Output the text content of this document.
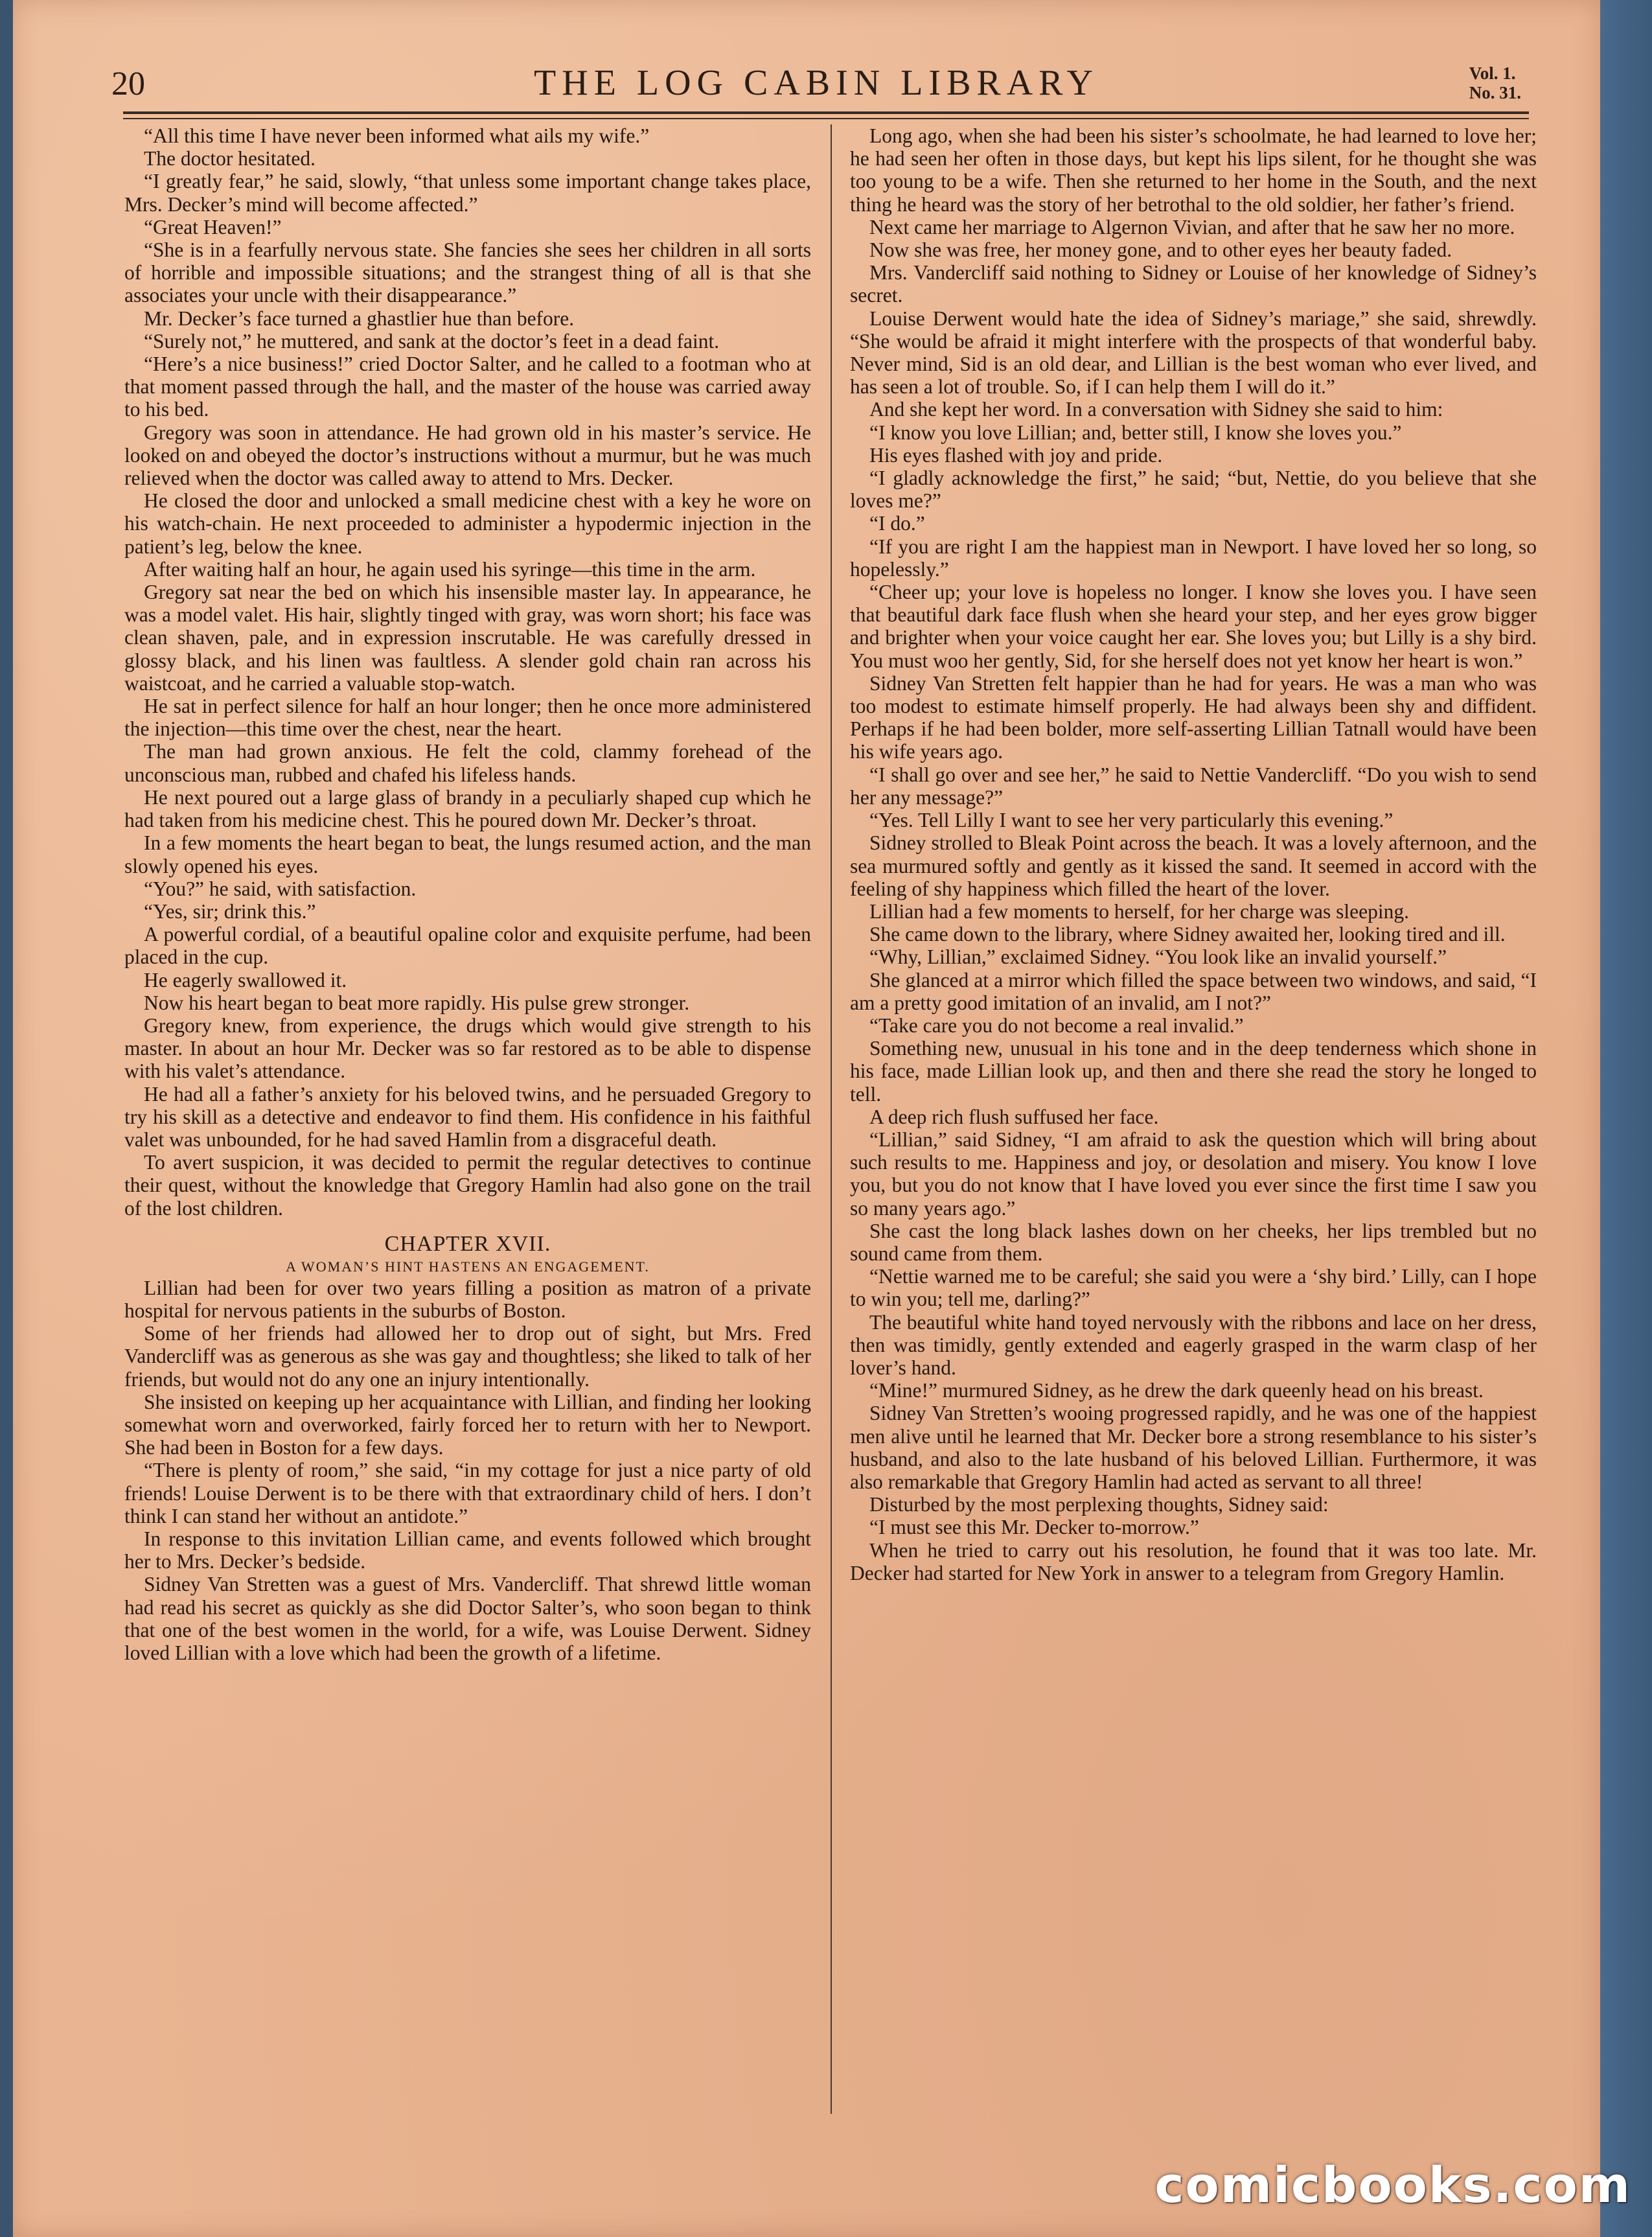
20	THE LOG CABIN LIBRARY	Vol. 1.
No. 31.

“All this time I have never been informed what ails my wife.”

The doctor hesitated.

“I greatly fear,” he said, slowly, “that unless some important change takes place, Mrs. Decker’s mind will become affected.”

“Great Heaven!”

“She is in a fearfully nervous state. She fancies she sees her children in all sorts of horrible and impossible situations; and the strangest thing of all is that she associates your uncle with their disappearance.”

Mr. Decker’s face turned a ghastlier hue than before.

“Surely not,” he muttered, and sank at the doctor’s feet in a dead faint.

“Here’s a nice business!” cried Doctor Salter, and he called to a footman who at that moment passed through the hall, and the master of the house was carried away to his bed.

Gregory was soon in attendance. He had grown old in his master’s service. He looked on and obeyed the doctor’s instructions without a murmur, but he was much relieved when the doctor was called away to attend to Mrs. Decker.

He closed the door and unlocked a small medicine chest with a key he wore on his watch-chain. He next proceeded to administer a hypodermic injection in the patient’s leg, below the knee.

After waiting half an hour, he again used his syringe—this time in the arm.

Gregory sat near the bed on which his insensible master lay. In appearance, he was a model valet. His hair, slightly tinged with gray, was worn short; his face was clean shaven, pale, and in expression inscrutable. He was carefully dressed in glossy black, and his linen was faultless. A slender gold chain ran across his waistcoat, and he carried a valuable stop-watch.

He sat in perfect silence for half an hour longer; then he once more administered the injection—this time over the chest, near the heart.

The man had grown anxious. He felt the cold, clammy forehead of the unconscious man, rubbed and chafed his lifeless hands.

He next poured out a large glass of brandy in a peculiarly shaped cup which he had taken from his medicine chest. This he poured down Mr. Decker’s throat.

In a few moments the heart began to beat, the lungs resumed action, and the man slowly opened his eyes.

“You?” he said, with satisfaction.

“Yes, sir; drink this.”

A powerful cordial, of a beautiful opaline color and exquisite perfume, had been placed in the cup.

He eagerly swallowed it.

Now his heart began to beat more rapidly. His pulse grew stronger.

Gregory knew, from experience, the drugs which would give strength to his master. In about an hour Mr. Decker was so far restored as to be able to dispense with his valet’s attendance.

He had all a father’s anxiety for his beloved twins, and he persuaded Gregory to try his skill as a detective and endeavor to find them. His confidence in his faithful valet was unbounded, for he had saved Hamlin from a disgraceful death.

To avert suspicion, it was decided to permit the regular detectives to continue their quest, without the knowledge that Gregory Hamlin had also gone on the trail of the lost children.

CHAPTER XVII.
A WOMAN’S HINT HASTENS AN ENGAGEMENT.

Lillian had been for over two years filling a position as matron of a private hospital for nervous patients in the suburbs of Boston.

Some of her friends had allowed her to drop out of sight, but Mrs. Fred Vandercliff was as generous as she was gay and thoughtless; she liked to talk of her friends, but would not do any one an injury intentionally.

She insisted on keeping up her acquaintance with Lillian, and finding her looking somewhat worn and overworked, fairly forced her to return with her to Newport. She had been in Boston for a few days.

“There is plenty of room,” she said, “in my cottage for just a nice party of old friends! Louise Derwent is to be there with that extraordinary child of hers. I don’t think I can stand her without an antidote.”

In response to this invitation Lillian came, and events followed which brought her to Mrs. Decker’s bedside.

Sidney Van Stretten was a guest of Mrs. Vandercliff. That shrewd little woman had read his secret as quickly as she did Doctor Salter’s, who soon began to think that one of the best women in the world, for a wife, was Louise Derwent. Sidney loved Lillian with a love which had been the growth of a lifetime.

Long ago, when she had been his sister’s schoolmate, he had learned to love her; he had seen her often in those days, but kept his lips silent, for he thought she was too young to be a wife. Then she returned to her home in the South, and the next thing he heard was the story of her betrothal to the old soldier, her father’s friend.

Next came her marriage to Algernon Vivian, and after that he saw her no more.

Now she was free, her money gone, and to other eyes her beauty faded.

Mrs. Vandercliff said nothing to Sidney or Louise of her knowledge of Sidney’s secret.

Louise Derwent would hate the idea of Sidney’s mariage,” she said, shrewdly. “She would be afraid it might interfere with the prospects of that wonderful baby. Never mind, Sid is an old dear, and Lillian is the best woman who ever lived, and has seen a lot of trouble. So, if I can help them I will do it.”

And she kept her word. In a conversation with Sidney she said to him:

“I know you love Lillian; and, better still, I know she loves you.”

His eyes flashed with joy and pride.

“I gladly acknowledge the first,” he said; “but, Nettie, do you believe that she loves me?”

“I do.”

“If you are right I am the happiest man in Newport. I have loved her so long, so hopelessly.”

“Cheer up; your love is hopeless no longer. I know she loves you. I have seen that beautiful dark face flush when she heard your step, and her eyes grow bigger and brighter when your voice caught her ear. She loves you; but Lilly is a shy bird. You must woo her gently, Sid, for she herself does not yet know her heart is won.”

Sidney Van Stretten felt happier than he had for years. He was a man who was too modest to estimate himself properly. He had always been shy and diffident. Perhaps if he had been bolder, more self-asserting Lillian Tatnall would have been his wife years ago.

“I shall go over and see her,” he said to Nettie Vandercliff. “Do you wish to send her any message?”

“Yes. Tell Lilly I want to see her very particularly this evening.”

Sidney strolled to Bleak Point across the beach. It was a lovely afternoon, and the sea murmured softly and gently as it kissed the sand. It seemed in accord with the feeling of shy happiness which filled the heart of the lover.

Lillian had a few moments to herself, for her charge was sleeping.

She came down to the library, where Sidney awaited her, looking tired and ill.

“Why, Lillian,” exclaimed Sidney. “You look like an invalid yourself.”

She glanced at a mirror which filled the space between two windows, and said, “I am a pretty good imitation of an invalid, am I not?”

“Take care you do not become a real invalid.”

Something new, unusual in his tone and in the deep tenderness which shone in his face, made Lillian look up, and then and there she read the story he longed to tell.

A deep rich flush suffused her face.

“Lillian,” said Sidney, “I am afraid to ask the question which will bring about such results to me. Happiness and joy, or desolation and misery. You know I love you, but you do not know that I have loved you ever since the first time I saw you so many years ago.”

She cast the long black lashes down on her cheeks, her lips trembled but no sound came from them.

“Nettie warned me to be careful; she said you were a ‘shy bird.’ Lilly, can I hope to win you; tell me, darling?”

The beautiful white hand toyed nervously with the ribbons and lace on her dress, then was timidly, gently extended and eagerly grasped in the warm clasp of her lover’s hand.

“Mine!” murmured Sidney, as he drew the dark queenly head on his breast.

Sidney Van Stretten’s wooing progressed rapidly, and he was one of the happiest men alive until he learned that Mr. Decker bore a strong resemblance to his sister’s husband, and also to the late husband of his beloved Lillian. Furthermore, it was also remarkable that Gregory Hamlin had acted as servant to all three!

Disturbed by the most perplexing thoughts, Sidney said:

“I must see this Mr. Decker to-morrow.”

When he tried to carry out his resolution, he found that it was too late. Mr. Decker had started for New York in answer to a telegram from Gregory Hamlin.

comicbooks.com
